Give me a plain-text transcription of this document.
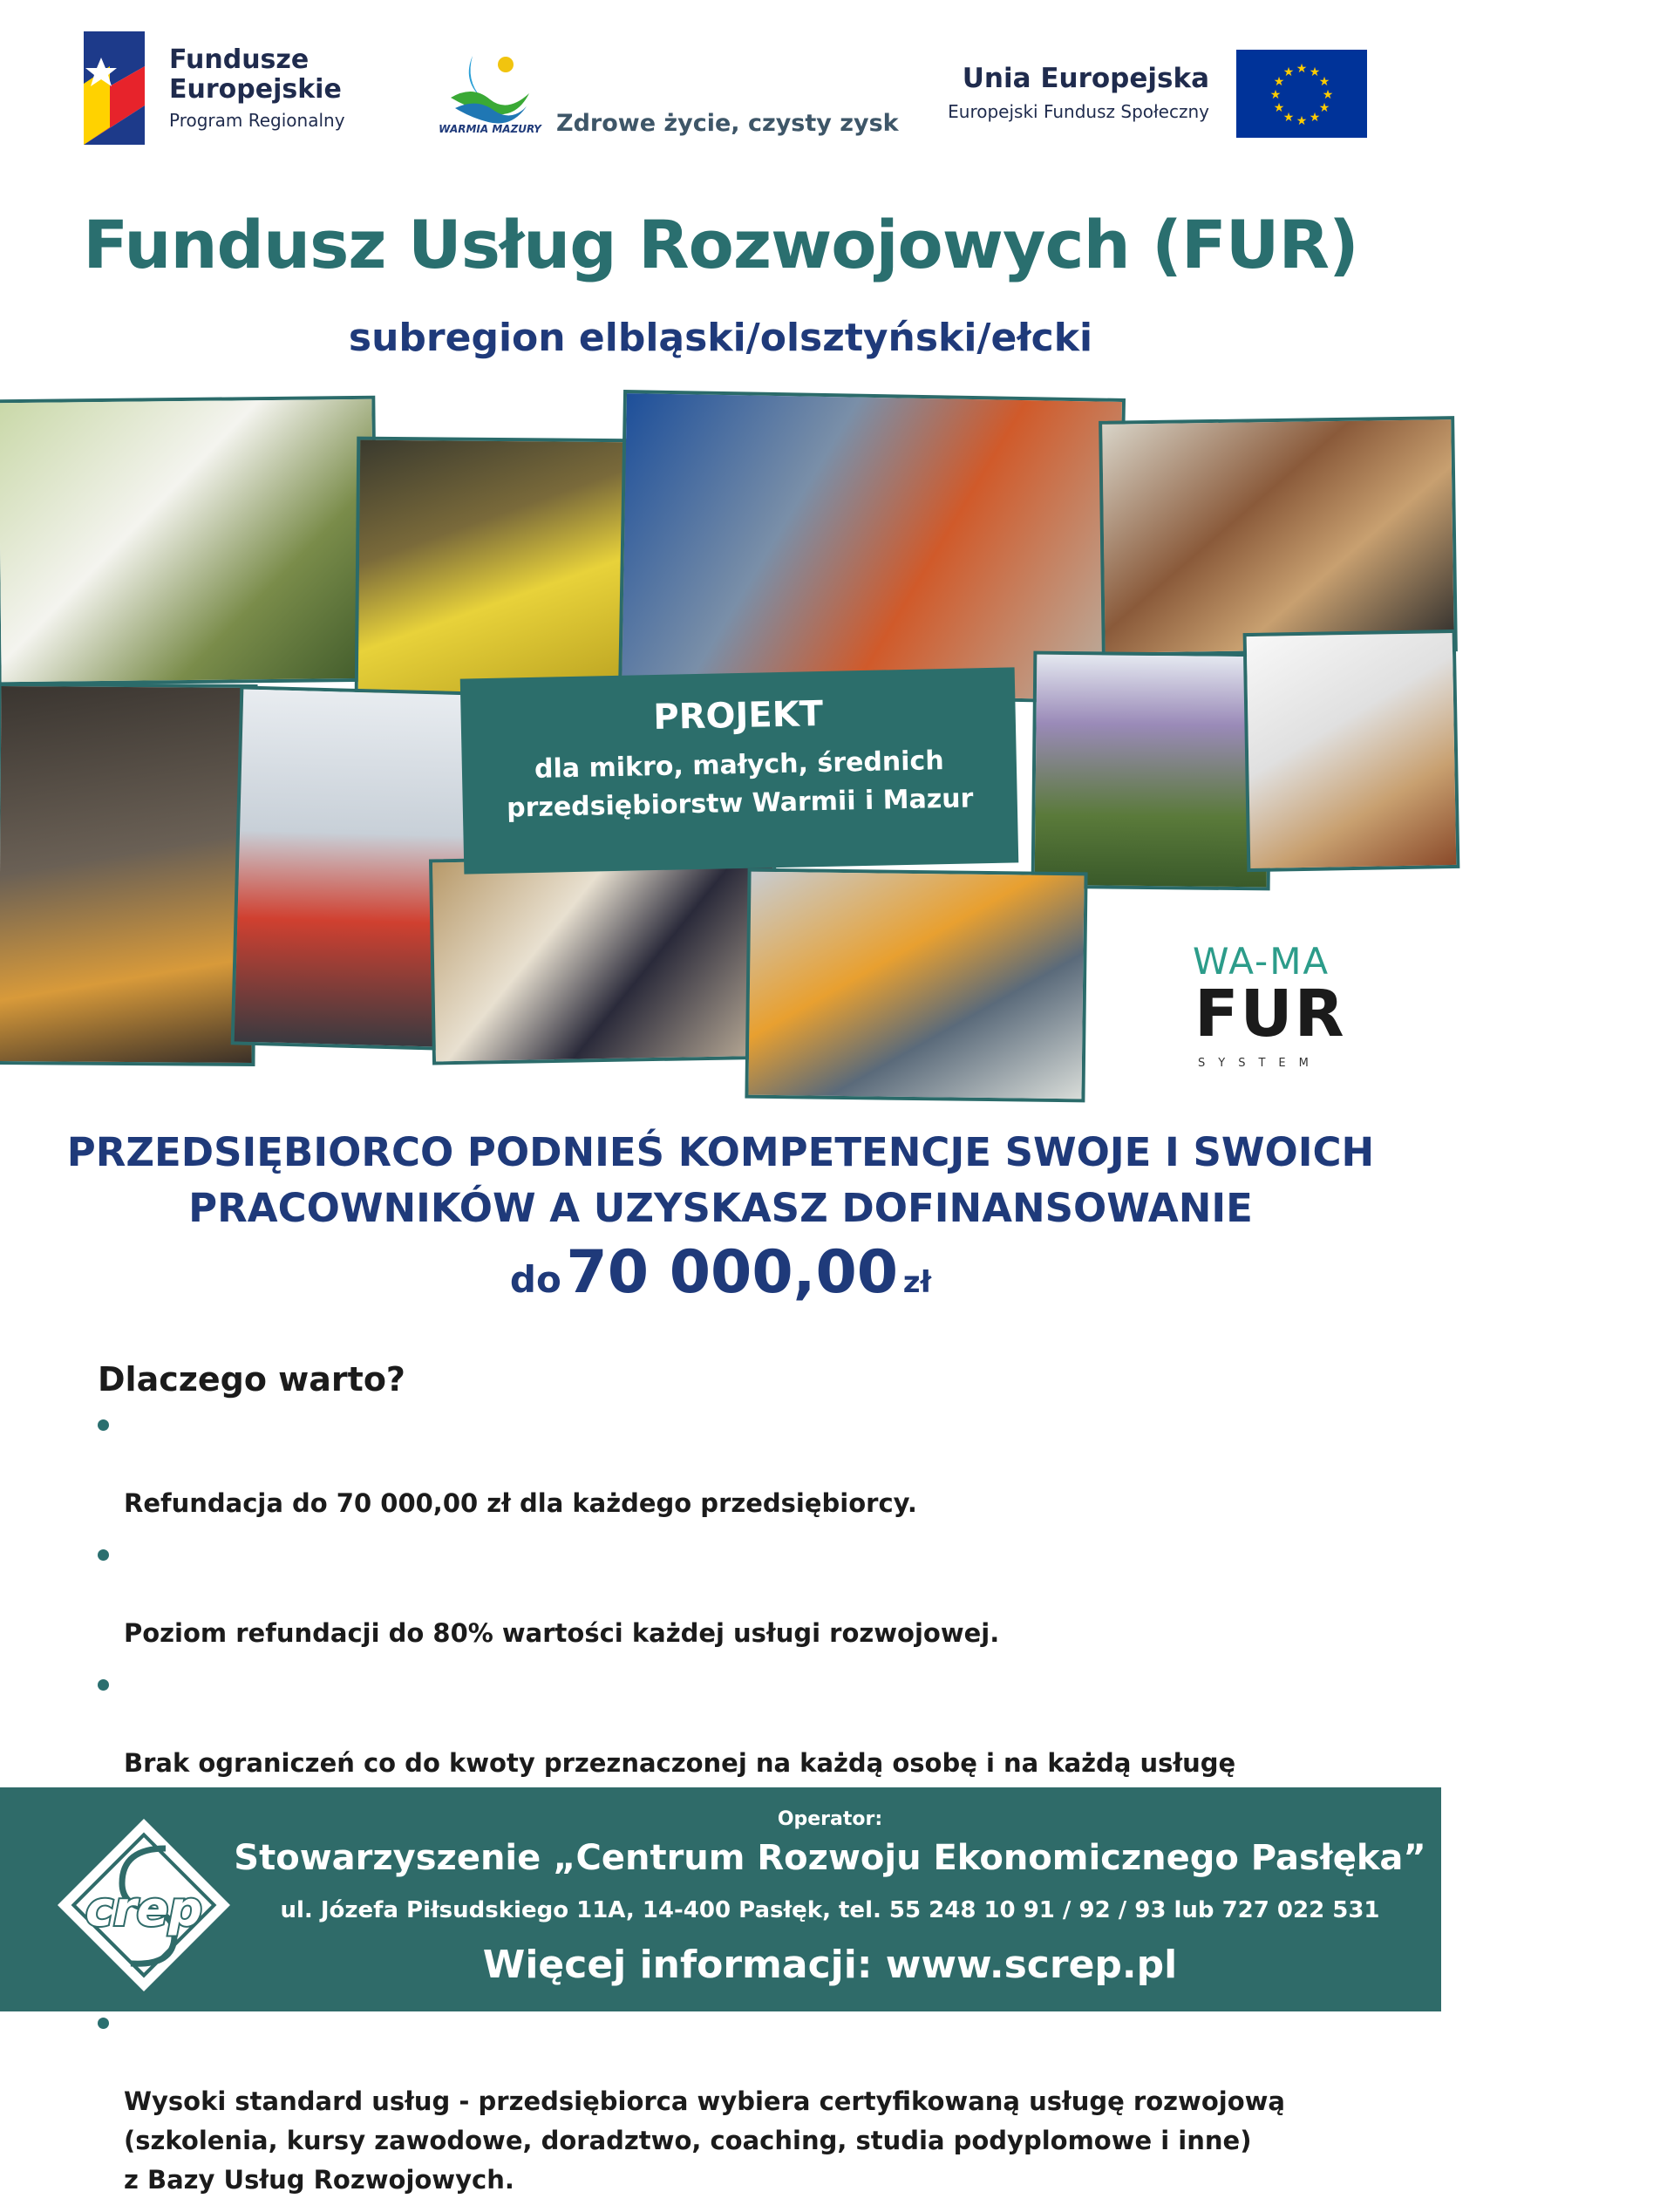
Fundusze
Europejskie
Program Regionalny	WARMIA MAZURY Zdrowe życie, czysty zysk
Unia Europejska
Europejski Fundusz Społeczny
★ ★
★
★
★
★
★
★
★
★
★
★
Fundusz Usług Rozwojowych (FUR)
subregion elbląski/olsztyński/ełcki
PROJEKT
dla mikro, małych, średnich
przedsiębiorstw Warmii i Mazur
WA-MA
FUR
SYSTEM
PRZEDSIĘBIORCO PODNIEŚ KOMPETENCJE SWOJE I SWOICH
PRACOWNIKÓW A UZYSKASZ DOFINANSOWANIE
do 70 000,00 zł
Dlaczego warto?

Refundacja do 70 000,00 zł dla każdego przedsiębiorcy.

Poziom refundacji do 80% wartości każdej usługi rozwojowej.

Brak ograniczeń co do kwoty przeznaczonej na każdą osobę i na każdą usługę

Wysoki standard usług - przedsiębiorca wybiera certyfikowaną usługę rozwojową
(szkolenia, kursy zawodowe, doradztwo, coaching, studia podyplomowe i inne)
z Bazy Usług Rozwojowych.

crep
Operator:
Stowarzyszenie „Centrum Rozwoju Ekonomicznego Pasłęka”
ul. Józefa Piłsudskiego 11A, 14-400 Pasłęk, tel. 55 248 10 91 / 92 / 93 lub 727 022 531
Więcej informacji: www.screp.pl
